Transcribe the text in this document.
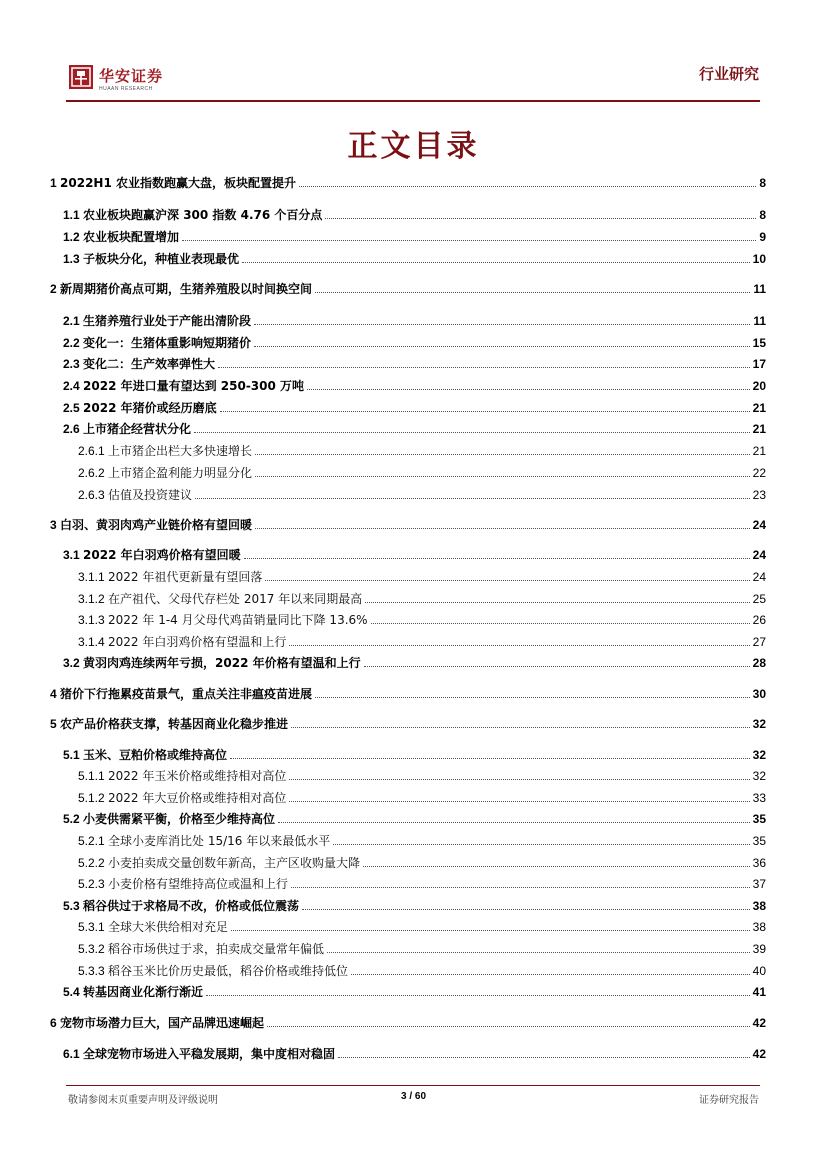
华安证券
HUAAN RESEARCH
行业研究
正文目录
1 2022H1 农业指数跑赢大盘，板块配置提升	8
1.1 农业板块跑赢沪深 300 指数 4.76 个百分点	8
1.2 农业板块配置增加	9
1.3 子板块分化，种植业表现最优	10
2 新周期猪价高点可期，生猪养殖股以时间换空间	11
2.1 生猪养殖行业处于产能出清阶段	11
2.2 变化一：生猪体重影响短期猪价	15
2.3 变化二：生产效率弹性大	17
2.4 2022 年进口量有望达到 250-300 万吨	20
2.5 2022 年猪价或经历磨底	21
2.6 上市猪企经营状分化	21
2.6.1 上市猪企出栏大多快速增长	21
2.6.2 上市猪企盈利能力明显分化	22
2.6.3 估值及投资建议	23
3 白羽、黄羽肉鸡产业链价格有望回暖	24
3.1 2022 年白羽鸡价格有望回暖	24
3.1.1 2022 年祖代更新量有望回落	24
3.1.2 在产祖代、父母代存栏处 2017 年以来同期最高	25
3.1.3 2022 年 1-4 月父母代鸡苗销量同比下降 13.6%	26
3.1.4 2022 年白羽鸡价格有望温和上行	27
3.2 黄羽肉鸡连续两年亏损，2022 年价格有望温和上行	28
4 猪价下行拖累疫苗景气，重点关注非瘟疫苗进展	30
5 农产品价格获支撑，转基因商业化稳步推进	32
5.1 玉米、豆粕价格或维持高位	32
5.1.1 2022 年玉米价格或维持相对高位	32
5.1.2 2022 年大豆价格或维持相对高位	33
5.2 小麦供需紧平衡，价格至少维持高位	35
5.2.1 全球小麦库消比处 15/16 年以来最低水平	35
5.2.2 小麦拍卖成交量创数年新高，主产区收购量大降	36
5.2.3 小麦价格有望维持高位或温和上行	37
5.3 稻谷供过于求格局不改，价格或低位震荡	38
5.3.1 全球大米供给相对充足	38
5.3.2 稻谷市场供过于求，拍卖成交量常年偏低	39
5.3.3 稻谷玉米比价历史最低，稻谷价格或维持低位	40
5.4 转基因商业化渐行渐近	41
6 宠物市场潜力巨大，国产品牌迅速崛起	42
6.1 全球宠物市场进入平稳发展期，集中度相对稳固	42
敬请参阅末页重要声明及评级说明	3 / 60	证券研究报告
